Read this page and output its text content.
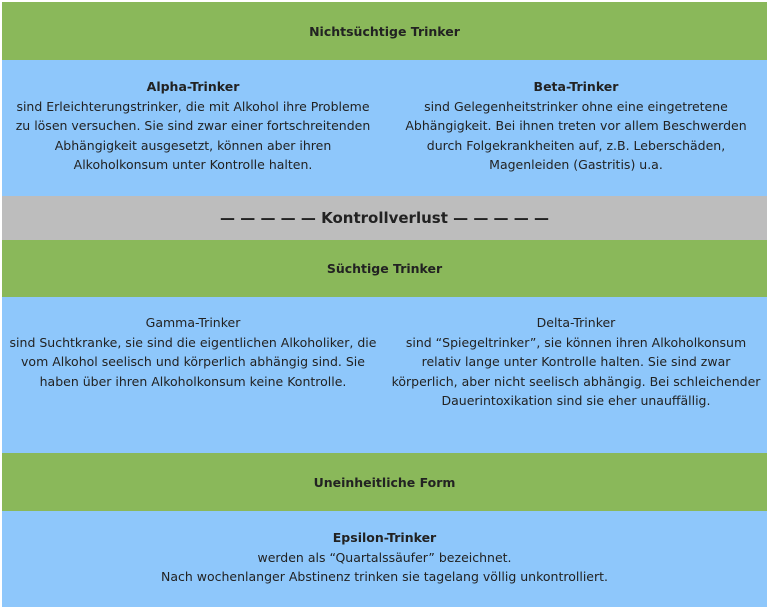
Nichtsüchtige Trinker
Alpha-Trinker
sind Erleichterungstrinker, die mit Alkohol ihre Probleme zu lösen versuchen. Sie sind zwar einer fortschreitenden Abhängigkeit ausgesetzt, können aber ihren Alkoholkonsum unter Kontrolle halten.
Beta-Trinker
sind Gelegenheitstrinker ohne eine eingetretene Abhängigkeit. Bei ihnen treten vor allem Beschwerden durch Folgekrankheiten auf, z.B. Leberschäden, Magenleiden (Gastritis) u.a.
— — — — — Kontrollverlust — — — — —
Süchtige Trinker
Gamma-Trinker
sind Suchtkranke, sie sind die eigentlichen Alkoholiker, die vom Alkohol seelisch und körperlich abhängig sind. Sie haben über ihren Alkoholkonsum keine Kontrolle.
Delta-Trinker
sind “Spiegeltrinker”, sie können ihren Alkoholkonsum relativ lange unter Kontrolle halten. Sie sind zwar körperlich, aber nicht seelisch abhängig. Bei schleichender Dauerintoxikation sind sie eher unauffällig.
Uneinheitliche Form
Epsilon-Trinker
werden als “Quartalssäufer” bezeichnet.
Nach wochenlanger Abstinenz trinken sie tagelang völlig unkontrolliert.
